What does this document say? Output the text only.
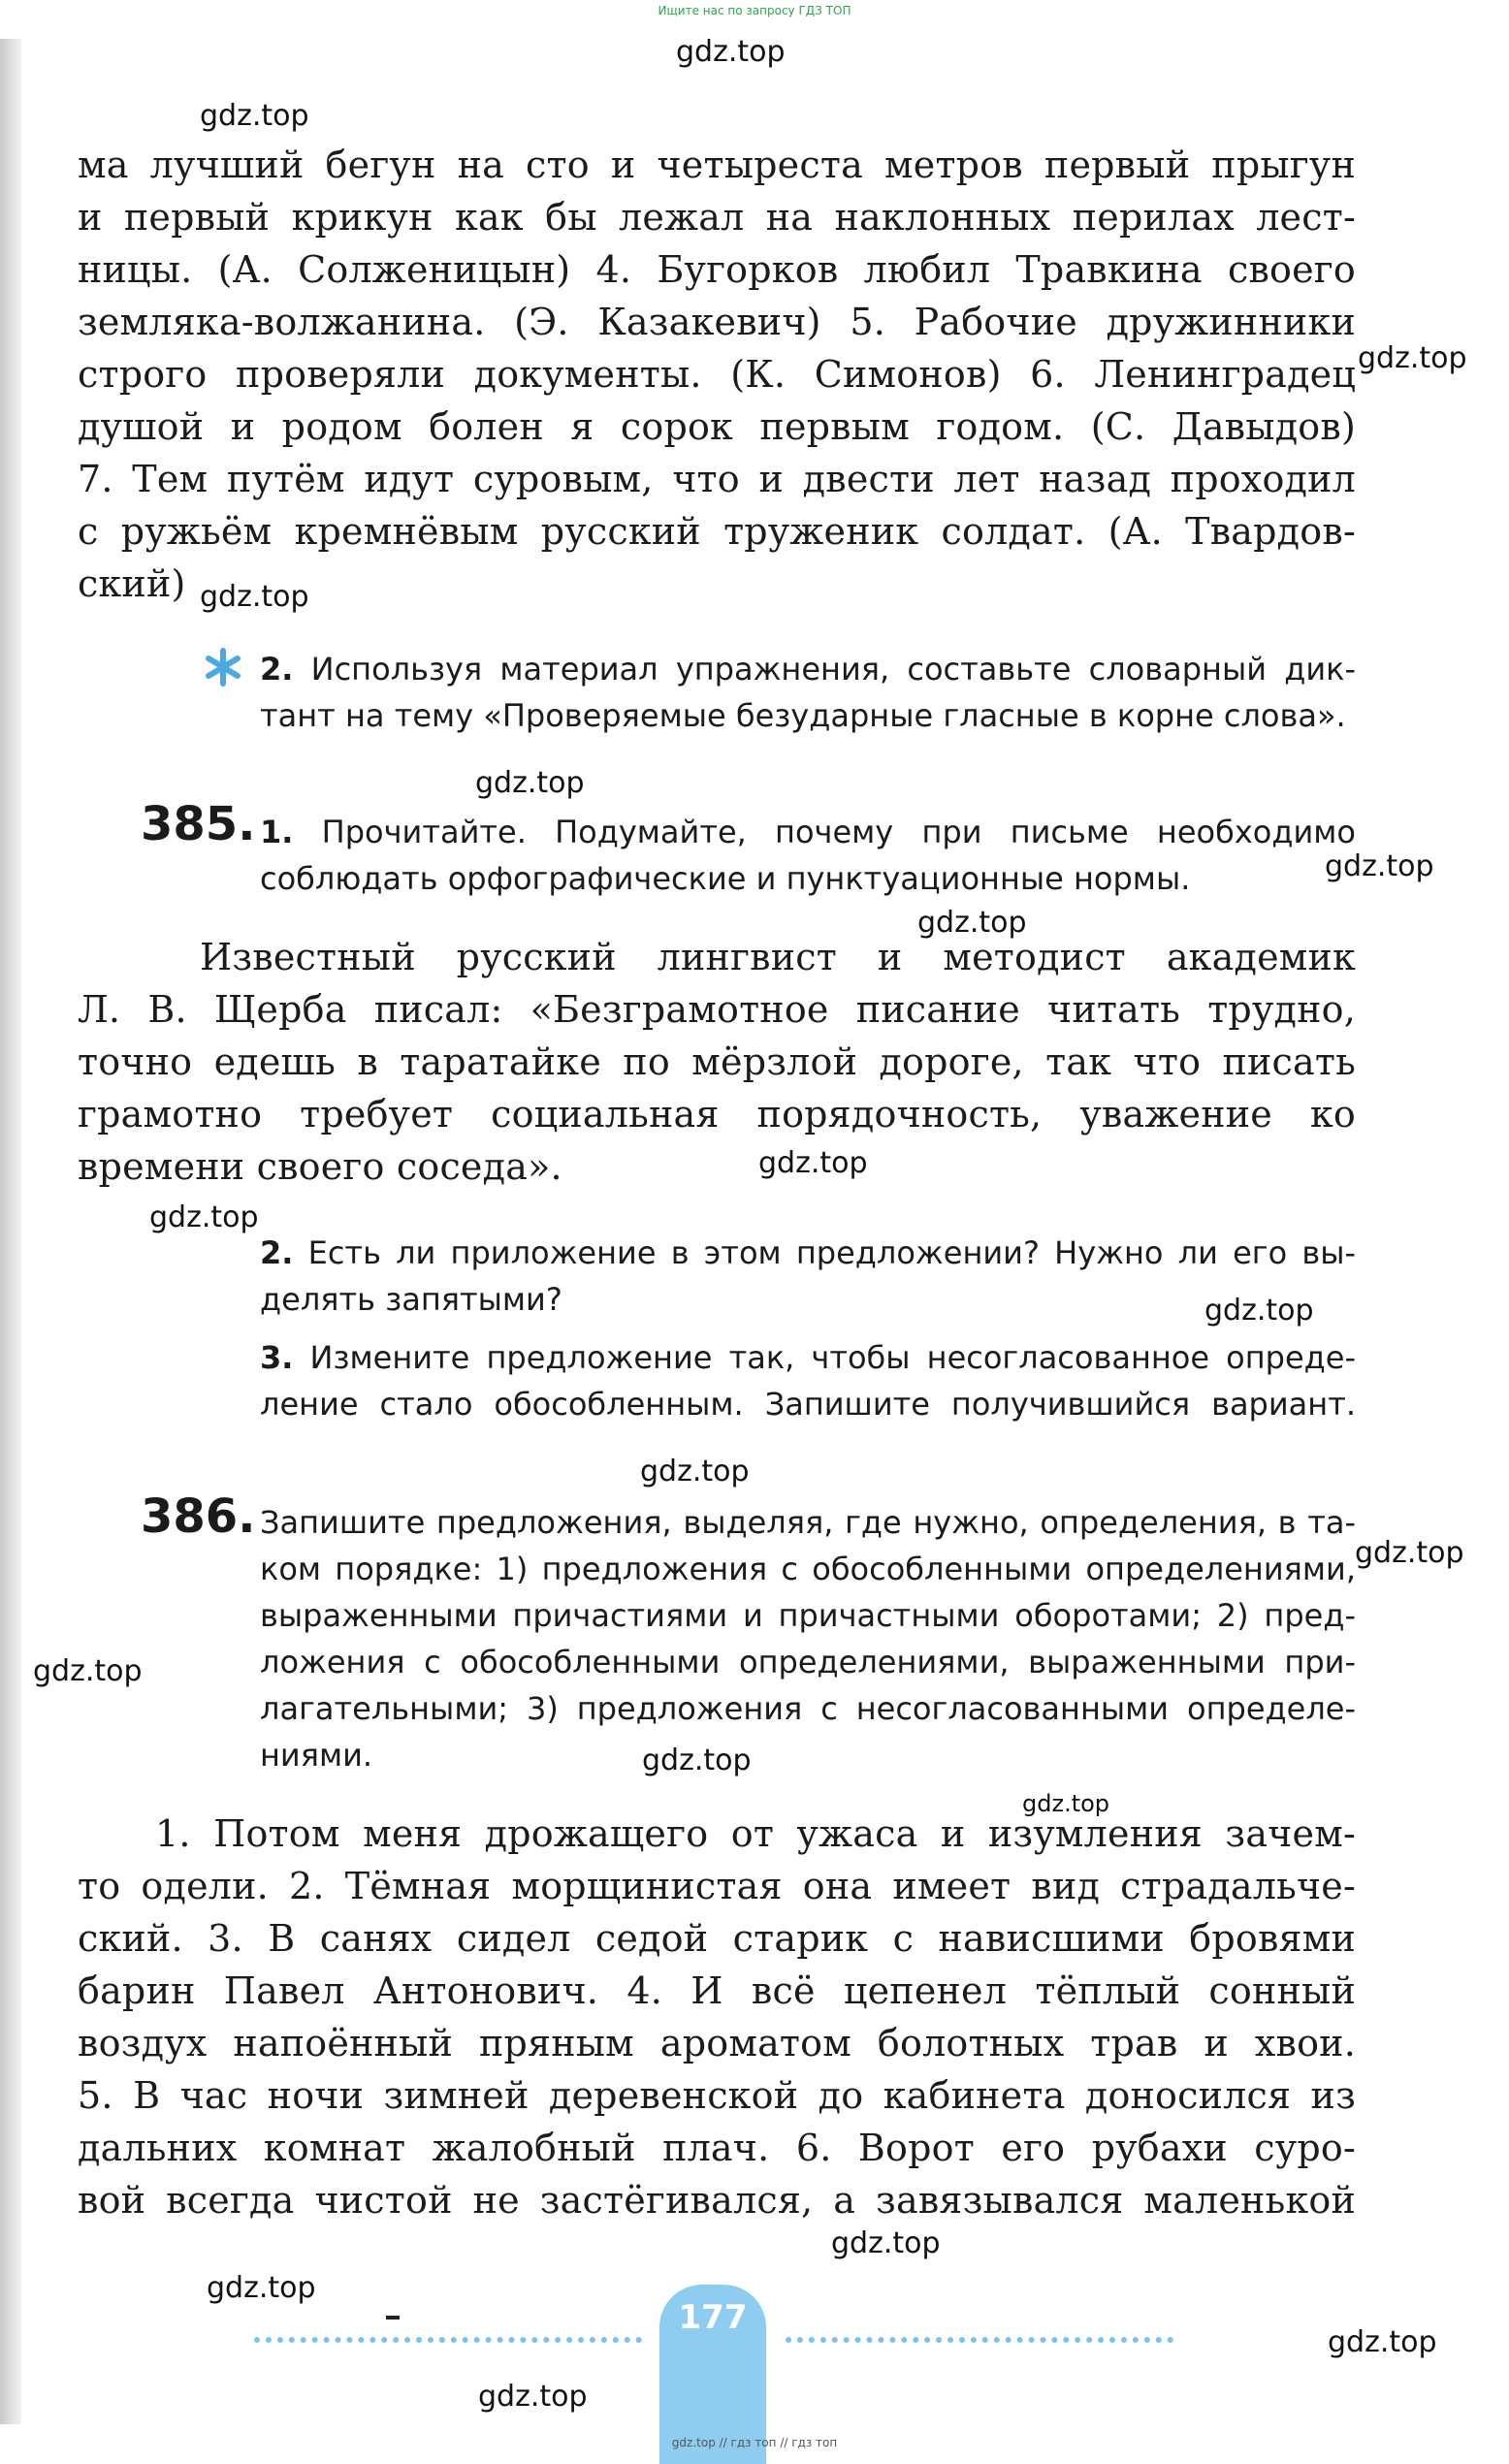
Ищите нас по запросу ГДЗ ТОП
gdz.top
gdz.top
gdz.top
gdz.top
gdz.top
gdz.top
gdz.top
gdz.top
gdz.top
gdz.top
gdz.top
gdz.top
gdz.top
gdz.top
gdz.top
gdz.top
gdz.top
gdz.top
gdz.top
ма лучший бегун на сто и четыреста метров первый прыгун
и первый крикун как бы лежал на наклонных перилах лест-
ницы. (А. Солженицын) 4. Бугорков любил Травкина своего
земляка-волжанина. (Э. Казакевич) 5. Рабочие дружинники
строго проверяли документы. (К. Симонов) 6. Ленинградец
душой и родом болен я сорок первым годом. (С. Давыдов)
7. Тем путём идут суровым, что и двести лет назад проходил
с ружьём кремнёвым русский труженик солдат. (А. Твардов-
ский)
2. Используя материал упражнения, составьте словарный дик-
тант на тему «Проверяемые безударные гласные в корне слова».
385. 1. Прочитайте. Подумайте, почему при письме необходимо
соблюдать орфографические и пунктуационные нормы.
Известный русский лингвист и методист академик
Л. В. Щерба писал: «Безграмотное писание читать трудно,
точно едешь в таратайке по мёрзлой дороге, так что писать
грамотно требует социальная порядочность, уважение ко
времени своего соседа».
2. Есть ли приложение в этом предложении? Нужно ли его вы-
делять запятыми?
3. Измените предложение так, чтобы несогласованное опреде-
ление стало обособленным. Запишите получившийся вариант.
386. Запишите предложения, выделяя, где нужно, определения, в та-
ком порядке: 1) предложения с обособленными определениями,
выраженными причастиями и причастными оборотами; 2) пред-
ложения с обособленными определениями, выраженными при-
лагательными; 3) предложения с несогласованными определе-
ниями.
1. Потом меня дрожащего от ужаса и изумления зачем-
то одели. 2. Тёмная морщинистая она имеет вид страдальче-
ский. 3. В санях сидел седой старик с нависшими бровями
барин Павел Антонович. 4. И всё цепенел тёплый сонный
воздух напоённый пряным ароматом болотных трав и хвои.
5. В час ночи зимней деревенской до кабинета доносился из
дальних комнат жалобный плач. 6. Ворот его рубахи суро-
вой всегда чистой не застёгивался, а завязывался маленькой
177
gdz.top // гдз топ // гдз топ
